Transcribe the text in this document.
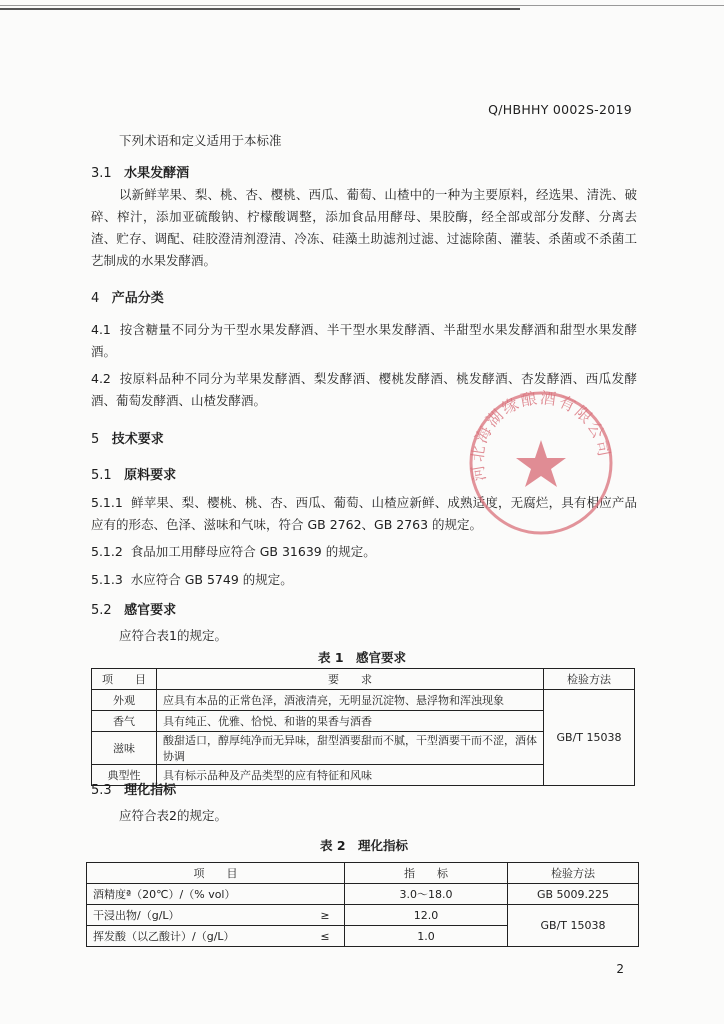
Q/HBHHY 0002S-2019
下列术语和定义适用于本标准
3.1 水果发酵酒
以新鲜苹果、梨、桃、杏、樱桃、西瓜、葡萄、山楂中的一种为主要原料，经选果、清洗、破碎、榨汁，添加亚硫酸钠、柠檬酸调整，添加食品用酵母、果胶酶，经全部或部分发酵、分离去渣、贮存、调配、硅胶澄清剂澄清、冷冻、硅藻土助滤剂过滤、过滤除菌、灌装、杀菌或不杀菌工艺制成的水果发酵酒。
4 产品分类
4.1 按含糖量不同分为干型水果发酵酒、半干型水果发酵酒、半甜型水果发酵酒和甜型水果发酵酒。
4.2 按原料品种不同分为苹果发酵酒、梨发酵酒、樱桃发酵酒、桃发酵酒、杏发酵酒、西瓜发酵酒、葡萄发酵酒、山楂发酵酒。
5 技术要求
5.1 原料要求
5.1.1 鲜苹果、梨、樱桃、桃、杏、西瓜、葡萄、山楂应新鲜、成熟适度，无腐烂，具有相应产品应有的形态、色泽、滋味和气味，符合 GB 2762、GB 2763 的规定。
5.1.2 食品加工用酵母应符合 GB 31639 的规定。
5.1.3 水应符合 GB 5749 的规定。
5.2 感官要求
应符合表1的规定。
表 1　感官要求
项　　目	要　　求	检验方法
外观	应具有本品的正常色泽，酒液清亮，无明显沉淀物、悬浮物和浑浊现象	GB/T 15038
香气	具有纯正、优雅、恰悦、和谐的果香与酒香	
滋味	酸甜适口，醇厚纯净而无异味，甜型酒要甜而不腻，干型酒要干而不涩，酒体协调	
典型性	具有标示品种及产品类型的应有特征和风味	
5.3 理化指标
应符合表2的规定。
表 2　理化指标
项　　目		指　　标	检验方法
酒精度ª（20℃）/（% vol）		3.0～18.0	GB 5009.225
干浸出物/（g/L）	≥	12.0	GB/T 15038
挥发酸（以乙酸计）/（g/L）	≤	1.0	
河北海湖缘酿酒有限公司
2
